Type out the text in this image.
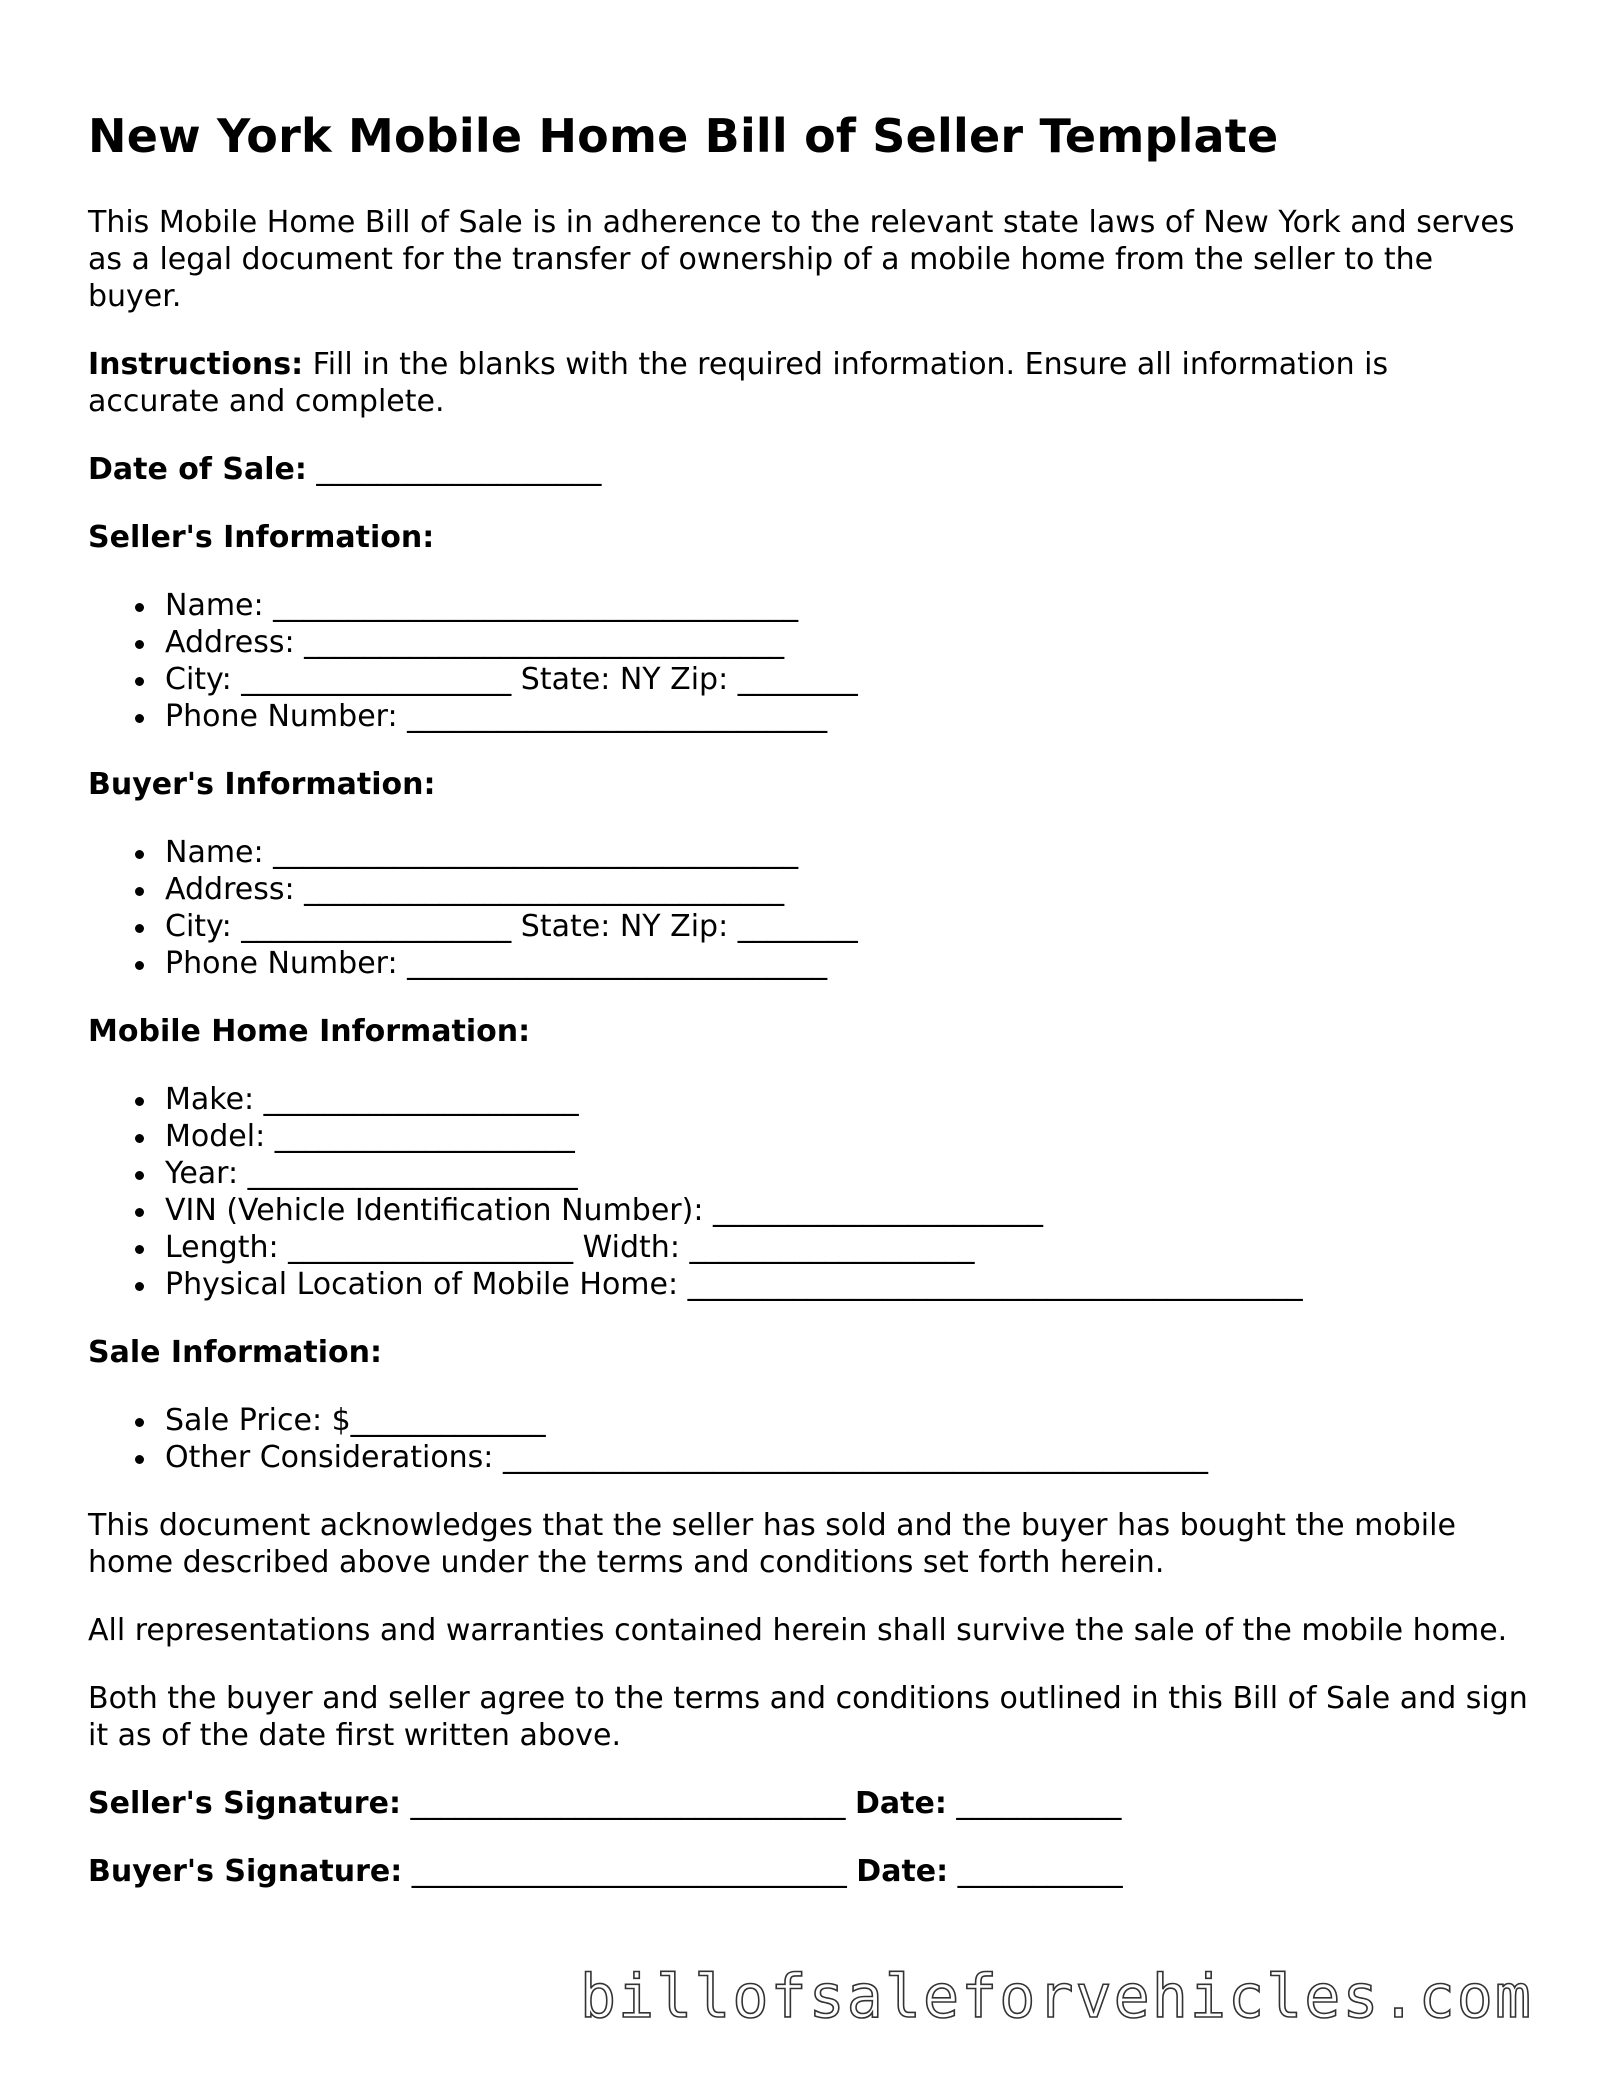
New York Mobile Home Bill of Seller Template

This Mobile Home Bill of Sale is in adherence to the relevant state laws of New York and serves as a legal document for the transfer of ownership of a mobile home from the seller to the buyer.

Instructions: Fill in the blanks with the required information. Ensure all information is accurate and complete.

Date of Sale: ___________________
Seller's Information:
Name: ___________________________________
Address: ________________________________
City: __________________ State: NY Zip: ________
Phone Number: ____________________________
Buyer's Information:
Name: ___________________________________
Address: ________________________________
City: __________________ State: NY Zip: ________
Phone Number: ____________________________
Mobile Home Information:
Make: _____________________
Model: ____________________
Year: ______________________
VIN (Vehicle Identification Number): ______________________
Length: ___________________ Width: ___________________
Physical Location of Mobile Home: _________________________________________
Sale Information:
Sale Price: $_____________
Other Considerations: _______________________________________________

This document acknowledges that the seller has sold and the buyer has bought the mobile home described above under the terms and conditions set forth herein.

All representations and warranties contained herein shall survive the sale of the mobile home.

Both the buyer and seller agree to the terms and conditions outlined in this Bill of Sale and sign it as of the date first written above.

Seller's Signature: _____________________________ Date: ___________
Buyer's Signature: _____________________________ Date: ___________
billofsaleforvehicles.com
